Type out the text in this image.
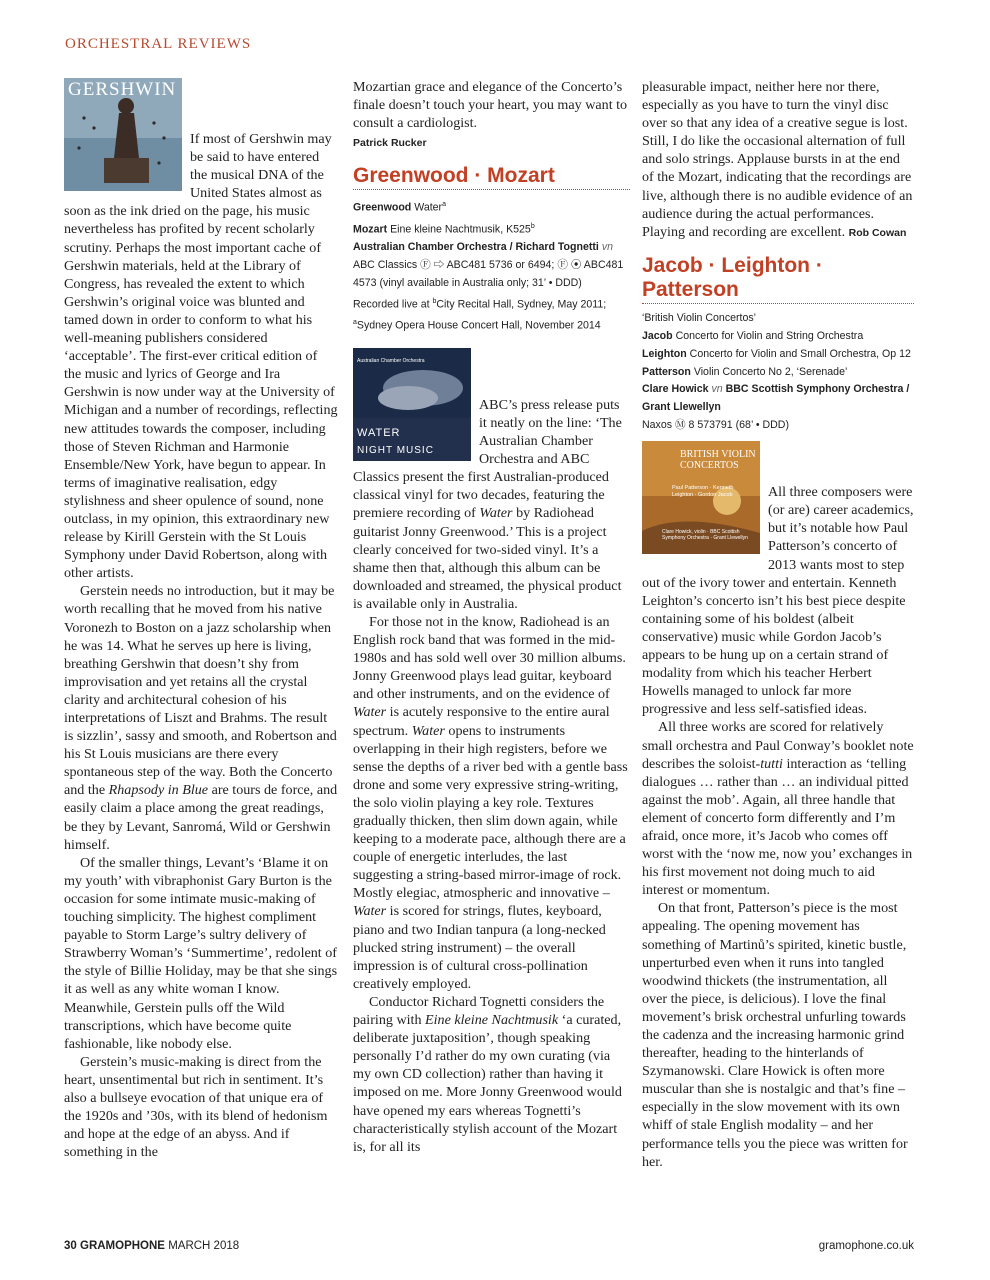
ORCHESTRAL REVIEWS
GERSHWIN

If most of Gershwin may be said to have entered the musical DNA of the United States almost as soon as the ink dried on the page, his music nevertheless has profited by recent scholarly scrutiny. Perhaps the most important cache of Gershwin materials, held at the Library of Congress, has revealed the extent to which Gershwin’s original voice was blunted and tamed down in order to conform to what his well-meaning publishers considered ‘acceptable’. The first-ever critical edition of the music and lyrics of George and Ira Gershwin is now under way at the University of Michigan and a number of recordings, reflecting new attitudes towards the composer, including those of Steven Richman and Harmonie Ensemble/New York, have begun to appear. In terms of imaginative realisation, edgy stylishness and sheer opulence of sound, none outclass, in my opinion, this extraordinary new release by Kirill Gerstein with the St Louis Symphony under David Robertson, along with other artists.

Gerstein needs no introduction, but it may be worth recalling that he moved from his native Voronezh to Boston on a jazz scholarship when he was 14. What he serves up here is living, breathing Gershwin that doesn’t shy from improvisation and yet retains all the crystal clarity and architectural cohesion of his interpretations of Liszt and Brahms. The result is sizzlin’, sassy and smooth, and Robertson and his St Louis musicians are there every spontaneous step of the way. Both the Concerto and the Rhapsody in Blue are tours de force, and easily claim a place among the great readings, be they by Levant, Sanromá, Wild or Gershwin himself.

Of the smaller things, Levant’s ‘Blame it on my youth’ with vibraphonist Gary Burton is the occasion for some intimate music-making of touching simplicity. The highest compliment payable to Storm Large’s sultry delivery of Strawberry Woman’s ‘Summertime’, redolent of the style of Billie Holiday, may be that she sings it as well as any white woman I know. Meanwhile, Gerstein pulls off the Wild transcriptions, which have become quite fashionable, like nobody else.

Gerstein’s music-making is direct from the heart, unsentimental but rich in sentiment. It’s also a bullseye evocation of that unique era of the 1920s and ’30s, with its blend of hedonism and hope at the edge of an abyss. And if something in the

Mozartian grace and elegance of the Concerto’s finale doesn’t touch your heart, you may want to consult a cardiologist.

Patrick Rucker
Greenwood · Mozart

Greenwood Water$^a$

Mozart Eine kleine Nachtmusik, K525$^b$

Australian Chamber Orchestra / Richard Tognetti vn

ABC Classics Ⓕ ⇨ ABC481 5736 or 6494; Ⓕ ⦿ ABC481 4573 (vinyl available in Australia only; 31’ • DDD)

Recorded live at $^b$City Recital Hall, Sydney, May 2011; $^a$Sydney Opera House Concert Hall, November 2014

Australian Chamber Orchestra
WATER
NIGHT MUSIC

ABC’s press release puts it neatly on the line: ‘The Australian Chamber Orchestra and ABC Classics present the first Australian-produced classical vinyl for two decades, featuring the premiere recording of Water by Radiohead guitarist Jonny Greenwood.’ This is a project clearly conceived for two-sided vinyl. It’s a shame then that, although this album can be downloaded and streamed, the physical product is available only in Australia.

For those not in the know, Radiohead is an English rock band that was formed in the mid-1980s and has sold well over 30 million albums. Jonny Greenwood plays lead guitar, keyboard and other instruments, and on the evidence of Water is acutely responsive to the entire aural spectrum. Water opens to instruments overlapping in their high registers, before we sense the depths of a river bed with a gentle bass drone and some very expressive string-writing, the solo violin playing a key role. Textures gradually thicken, then slim down again, while keeping to a moderate pace, although there are a couple of energetic interludes, the last suggesting a string-based mirror-image of rock. Mostly elegiac, atmospheric and innovative – Water is scored for strings, flutes, keyboard, piano and two Indian tanpura (a long-necked plucked string instrument) – the overall impression is of cultural cross-pollination creatively employed.

Conductor Richard Tognetti considers the pairing with Eine kleine Nachtmusik ‘a curated, deliberate juxtaposition’, though speaking personally I’d rather do my own curating (via my own CD collection) rather than having it imposed on me. More Jonny Greenwood would have opened my ears whereas Tognetti’s characteristically stylish account of the Mozart is, for all its

pleasurable impact, neither here nor there, especially as you have to turn the vinyl disc over so that any idea of a creative segue is lost. Still, I do like the occasional alternation of full and solo strings. Applause bursts in at the end of the Mozart, indicating that the recordings are live, although there is no audible evidence of an audience during the actual performances. Playing and recording are excellent. Rob Cowan

Jacob · Leighton · Patterson

‘British Violin Concertos’

Jacob Concerto for Violin and String Orchestra

Leighton Concerto for Violin and Small Orchestra, Op 12 Patterson Violin Concerto No 2, ‘Serenade’

Clare Howick vn BBC Scottish Symphony Orchestra / Grant Llewellyn

Naxos Ⓜ 8 573791 (68’ • DDD)

BRITISH VIOLIN CONCERTOS
Paul Patterson · Kenneth Leighton · Gordon Jacob
Clare Howick, violin · BBC Scottish Symphony Orchestra · Grant Llewellyn

All three composers were (or are) career academics, but it’s notable how Paul Patterson’s concerto of 2013 wants most to step out of the ivory tower and entertain. Kenneth Leighton’s concerto isn’t his best piece despite containing some of his boldest (albeit conservative) music while Gordon Jacob’s appears to be hung up on a certain strand of modality from which his teacher Herbert Howells managed to unlock far more progressive and less self-satisfied ideas.

All three works are scored for relatively small orchestra and Paul Conway’s booklet note describes the soloist-tutti interaction as ‘telling dialogues … rather than … an individual pitted against the mob’. Again, all three handle that element of concerto form differently and I’m afraid, once more, it’s Jacob who comes off worst with the ‘now me, now you’ exchanges in his first movement not doing much to aid interest or momentum.

On that front, Patterson’s piece is the most appealing. The opening movement has something of Martinů’s spirited, kinetic bustle, unperturbed even when it runs into tangled woodwind thickets (the instrumentation, all over the piece, is delicious). I love the final movement’s brisk orchestral unfurling towards the cadenza and the increasing harmonic grind thereafter, heading to the hinterlands of Szymanowski. Clare Howick is often more muscular than she is nostalgic and that’s fine – especially in the slow movement with its own whiff of stale English modality – and her performance tells you the piece was written for her.

30 GRAMOPHONE MARCH 2018	gramophone.co.uk
